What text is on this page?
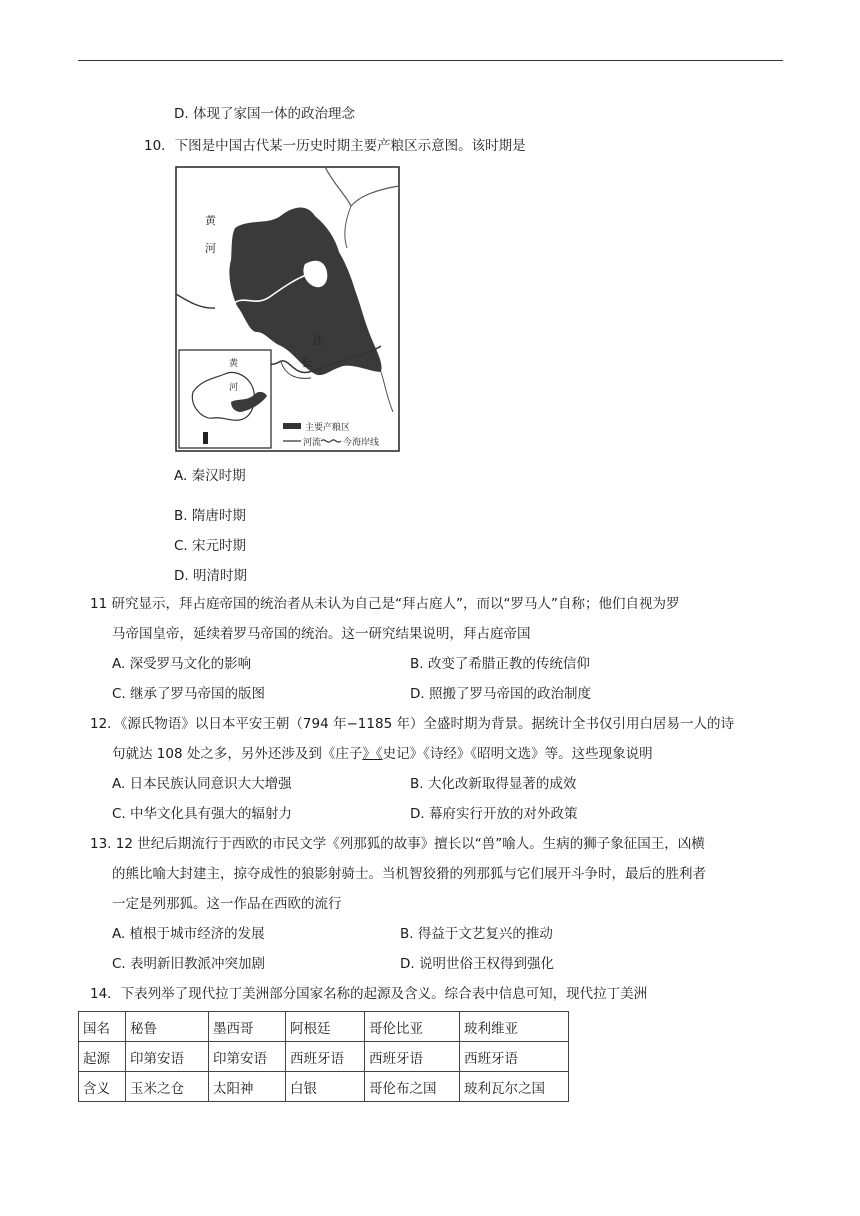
D. 体现了家国一体的政治理念
10．下图是中国古代某一历史时期主要产粮区示意图。该时期是
黄
河
江
长
黄
河
主要产粮区
河流 今海岸线
A. 秦汉时期
B. 隋唐时期
C. 宋元时期
D. 明清时期
11 研究显示，拜占庭帝国的统治者从未认为自己是“拜占庭人”，而以“罗马人”自称；他们自视为罗
马帝国皇帝，延续着罗马帝国的统治。这一研究结果说明，拜占庭帝国
A. 深受罗马文化的影响	B. 改变了希腊正教的传统信仰
C. 继承了罗马帝国的版图	D. 照搬了罗马帝国的政治制度
12．《源氏物语》以日本平安王朝（794 年−1185 年）全盛时期为背景。据统计全书仅引用白居易一人的诗
句就达 108 处之多，另外还涉及到《庄子》《史记》《诗经》《昭明文选》等。这些现象说明
A. 日本民族认同意识大大增强	B. 大化改新取得显著的成效
C. 中华文化具有强大的辐射力	D. 幕府实行开放的对外政策
13. 12 世纪后期流行于西欧的市民文学《列那狐的故事》擅长以“兽”喻人。生病的狮子象征国王，凶横
的熊比喻大封建主，掠夺成性的狼影射骑士。当机智狡猾的列那狐与它们展开斗争时，最后的胜利者
一定是列那狐。这一作品在西欧的流行
A. 植根于城市经济的发展	B. 得益于文艺复兴的推动
C. 表明新旧教派冲突加剧	D. 说明世俗王权得到强化
14．下表列举了现代拉丁美洲部分国家名称的起源及含义。综合表中信息可知，现代拉丁美洲
国名	秘鲁	墨西哥	阿根廷	哥伦比亚	玻利维亚
起源	印第安语	印第安语	西班牙语	西班牙语	西班牙语
含义	玉米之仓	太阳神	白银	哥伦布之国	玻利瓦尔之国
